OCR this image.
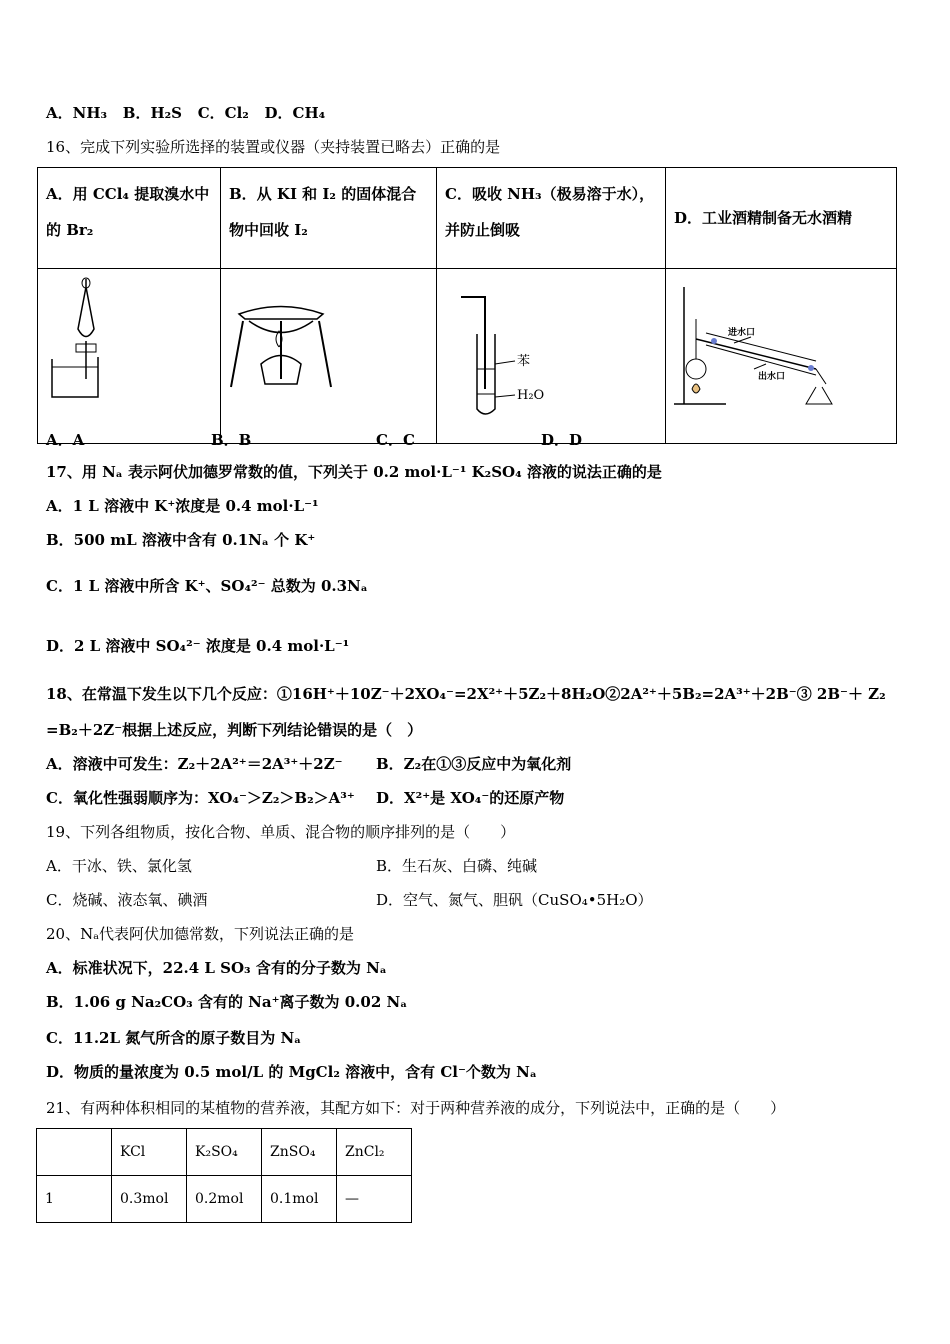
A．NH₃ B．H₂S C．Cl₂ D．CH₄
16、完成下列实验所选择的装置或仪器（夹持装置已略去）正确的是
A．用 CCl₄ 提取溴水中的 Br₂	B．从 KI 和 I₂ 的固体混合物中回收 I₂	C．吸收 NH₃（极易溶于水），并防止倒吸	D．工业酒精制备无水酒精

苯
H₂O	进水口
出水口
A．A	B．B	C．C	D．D
17、用 Nₐ 表示阿伏加德罗常数的值，下列关于 0.2 mol·L⁻¹ K₂SO₄ 溶液的说法正确的是
A．1 L 溶液中 K⁺浓度是 0.4 mol·L⁻¹
B．500 mL 溶液中含有 0.1Nₐ 个 K⁺
C．1 L 溶液中所含 K⁺、SO₄²⁻ 总数为 0.3Nₐ
D．2 L 溶液中 SO₄²⁻ 浓度是 0.4 mol·L⁻¹
18、在常温下发生以下几个反应：①16H⁺＋10Z⁻＋2XO₄⁻=2X²⁺＋5Z₂＋8H₂O②2A²⁺＋5B₂=2A³⁺＋2B⁻③ 2B⁻＋ Z₂
=B₂＋2Z⁻根据上述反应，判断下列结论错误的是（　）
A．溶液中可发生：Z₂＋2A²⁺＝2A³⁺＋2Z⁻ B．Z₂在①③反应中为氧化剂
C．氧化性强弱顺序为：XO₄⁻＞Z₂＞B₂＞A³⁺ D．X²⁺是 XO₄⁻的还原产物
19、下列各组物质，按化合物、单质、混合物的顺序排列的是（　　）
A．干冰、铁、氯化氢	B．生石灰、白磷、纯碱
C．烧碱、液态氧、碘酒	D．空气、氮气、胆矾（CuSO₄•5H₂O）
20、Nₐ代表阿伏加德常数，下列说法正确的是
A．标准状况下，22.4 L SO₃ 含有的分子数为 Nₐ
B．1.06 g Na₂CO₃ 含有的 Na⁺离子数为 0.02 Nₐ
C．11.2L 氮气所含的原子数目为 Nₐ
D．物质的量浓度为 0.5 mol/L 的 MgCl₂ 溶液中，含有 Cl⁻个数为 Nₐ
21、有两种体积相同的某植物的营养液，其配方如下：对于两种营养液的成分，下列说法中，正确的是（　　）
	KCl	K₂SO₄	ZnSO₄	ZnCl₂
1	0.3mol	0.2mol	0.1mol	—
